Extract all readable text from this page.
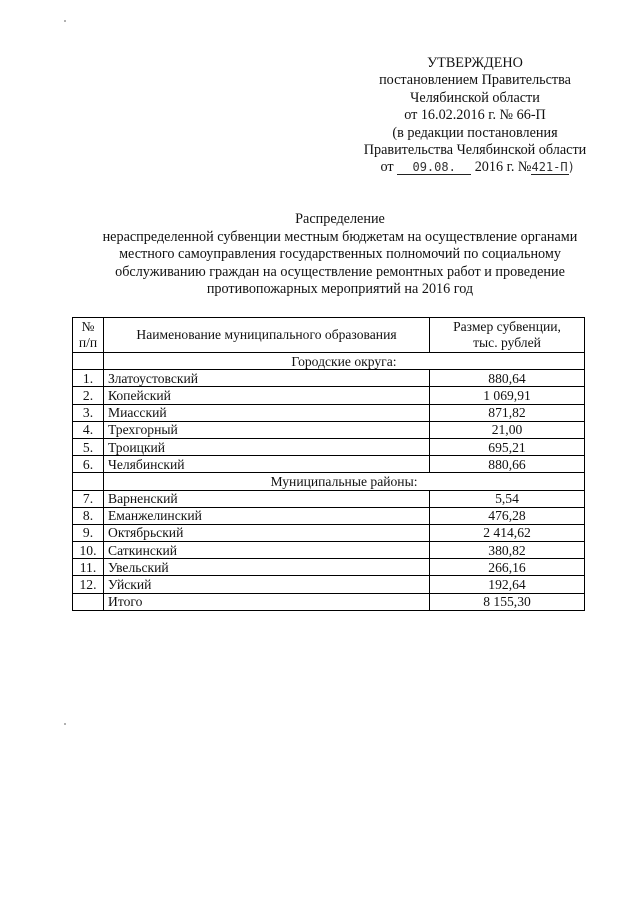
УТВЕРЖДЕНО
постановлением Правительства
Челябинской области
от 16.02.2016 г. № 66-П
(в редакции постановления
Правительства Челябинской области
от 09.08. 2016 г. №421-П)
Распределение
нераспределенной субвенции местным бюджетам на осуществление органами
местного самоуправления государственных полномочий по социальному
обслуживанию граждан на осуществление ремонтных работ и проведение
противопожарных мероприятий на 2016 год
№
п/п	Наименование муниципального образования	Размер субвенции,
тыс. рублей
	Городские округа:	
1.	Златоустовский	880,64
2.	Копейский	1 069,91
3.	Миасский	871,82
4.	Трехгорный	21,00
5.	Троицкий	695,21
6.	Челябинский	880,66
	Муниципальные районы:	
7.	Варненский	5,54
8.	Еманжелинский	476,28
9.	Октябрьский	2 414,62
10.	Саткинский	380,82
11.	Увельский	266,16
12.	Уйский	192,64
	Итого	8 155,30
